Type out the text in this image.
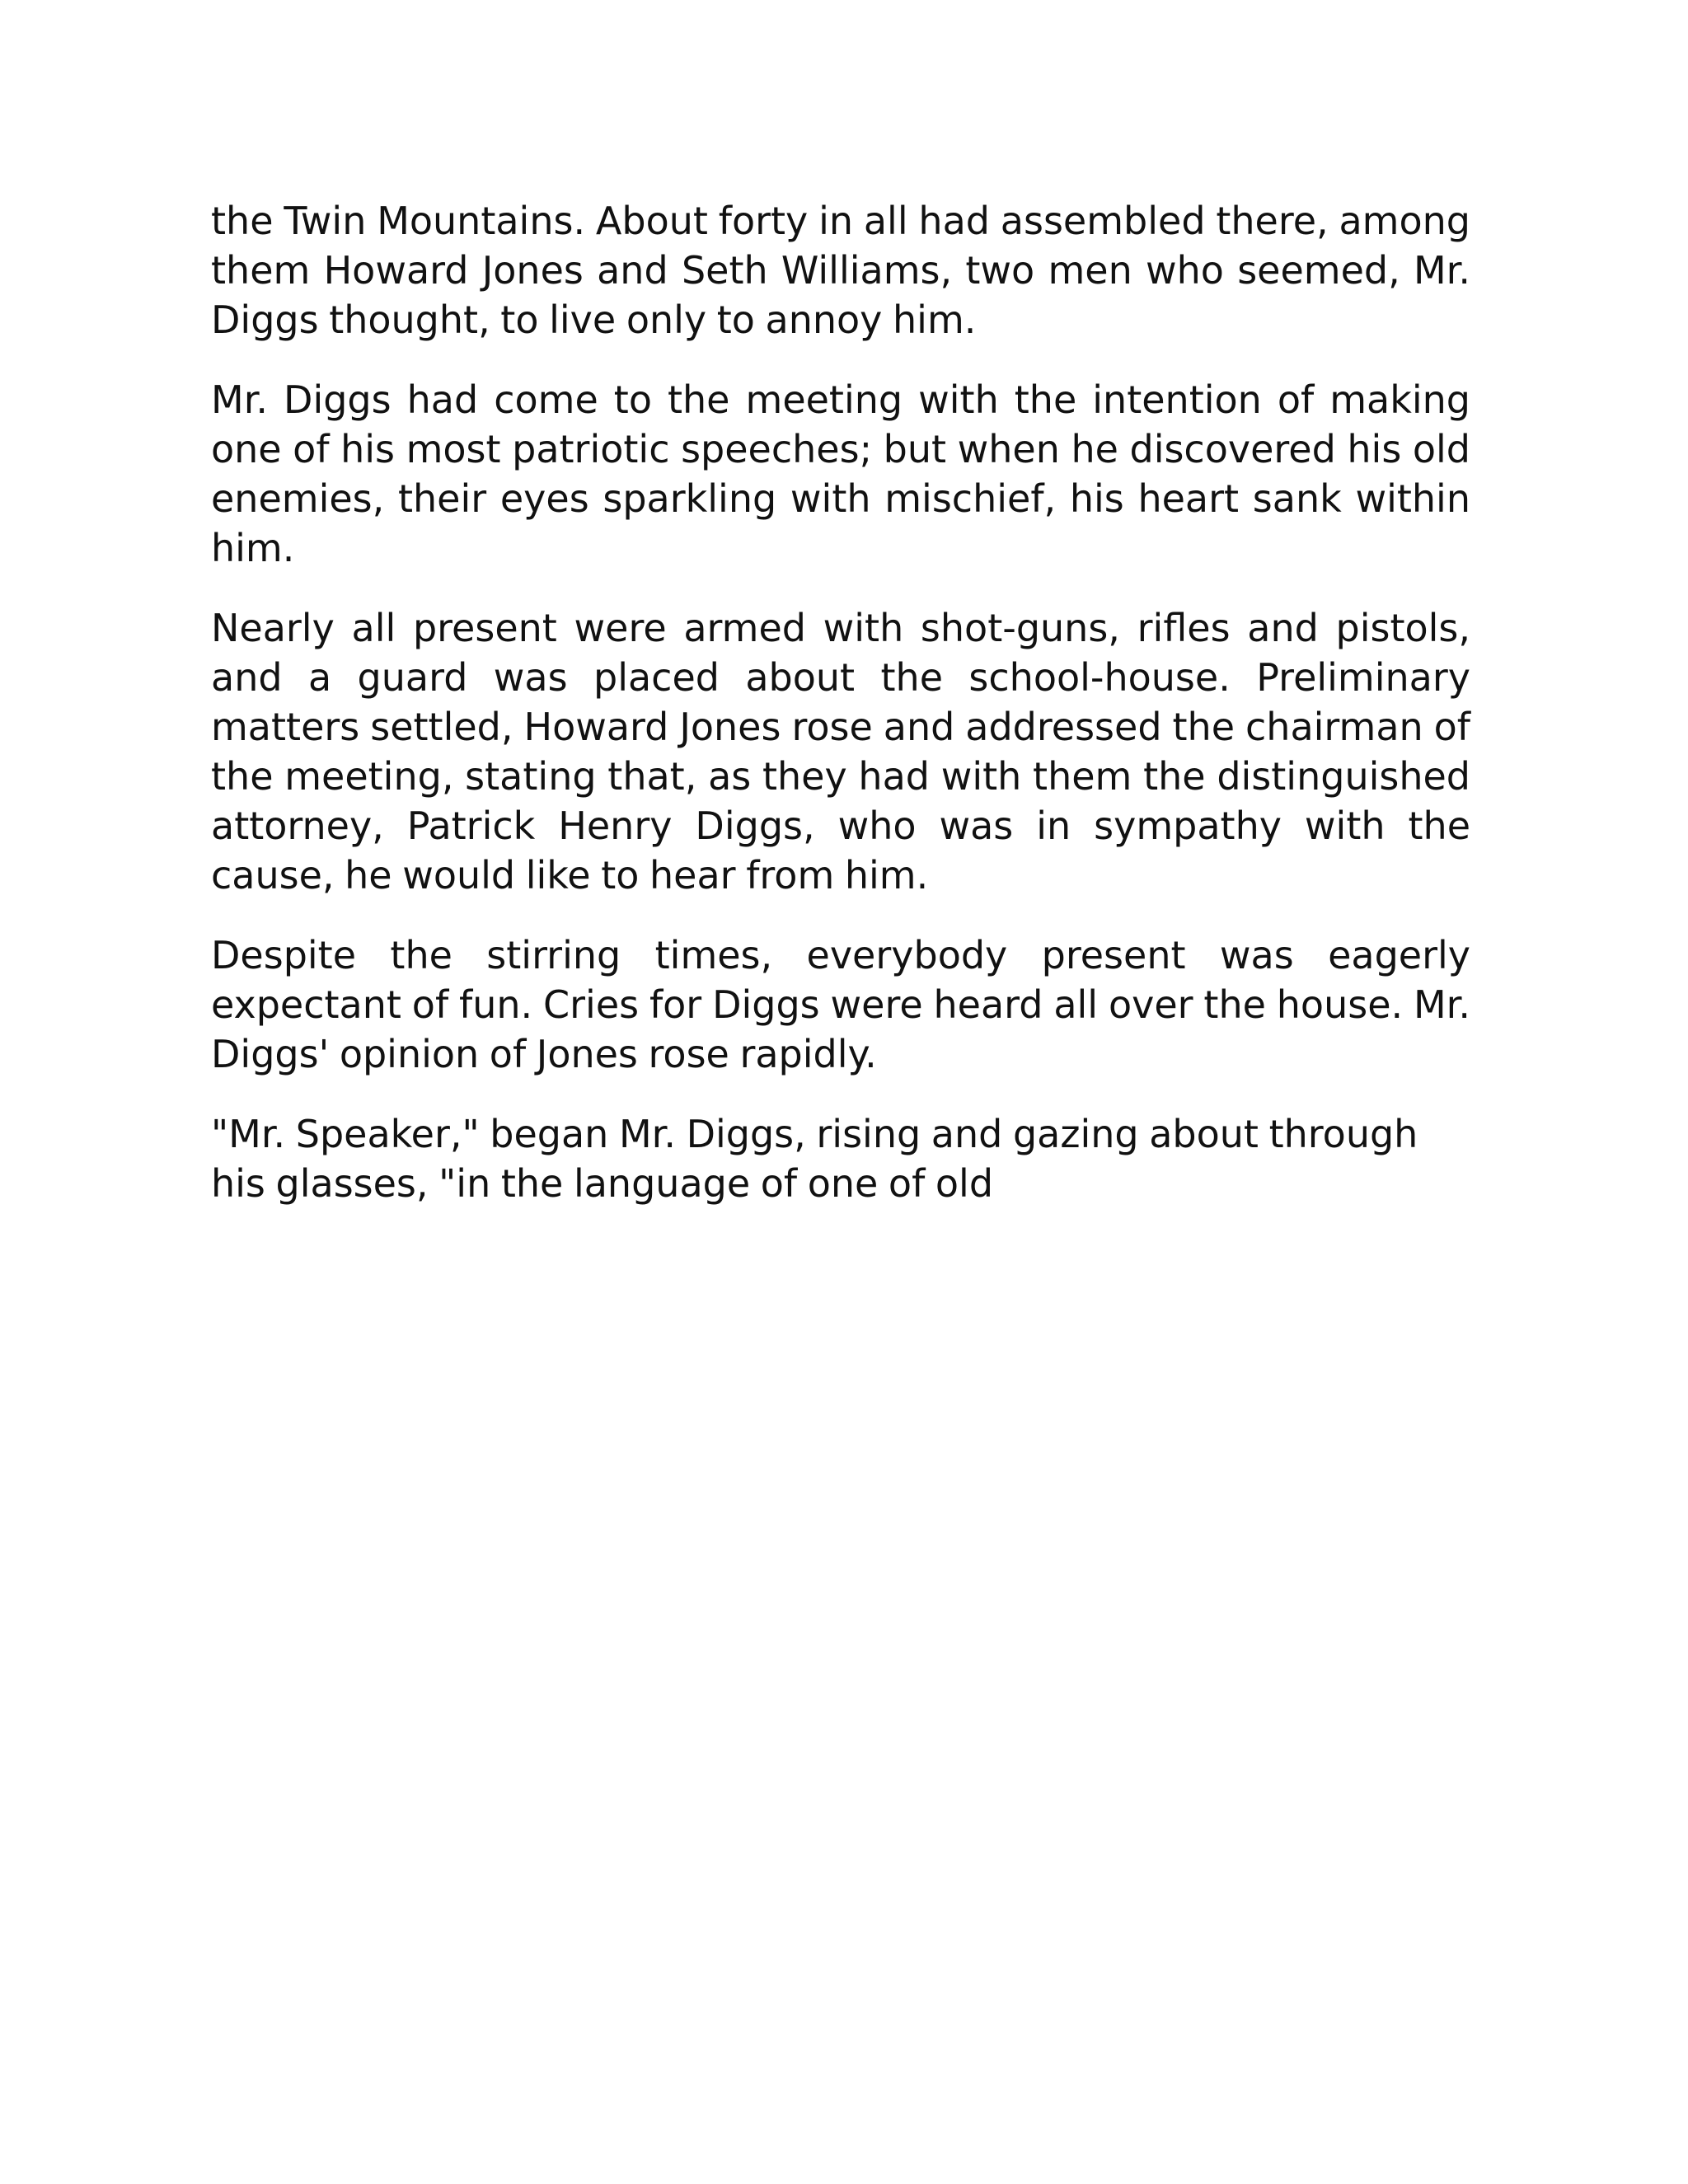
the Twin Mountains. About forty in all had assembled there, among them Howard Jones and Seth Williams, two men who seemed, Mr. Diggs thought, to live only to annoy him.

Mr. Diggs had come to the meeting with the intention of making one of his most patriotic speeches; but when he discovered his old enemies, their eyes sparkling with mischief, his heart sank within him.

Nearly all present were armed with shot-guns, rifles and pistols, and a guard was placed about the school-house. Preliminary matters settled, Howard Jones rose and addressed the chairman of the meeting, stating that, as they had with them the distinguished attorney, Patrick Henry Diggs, who was in sympathy with the cause, he would like to hear from him.

Despite the stirring times, everybody present was eagerly expectant of fun. Cries for Diggs were heard all over the house. Mr. Diggs' opinion of Jones rose rapidly.

"Mr. Speaker," began Mr. Diggs, rising and gazing about through his glasses, "in the language of one of old
